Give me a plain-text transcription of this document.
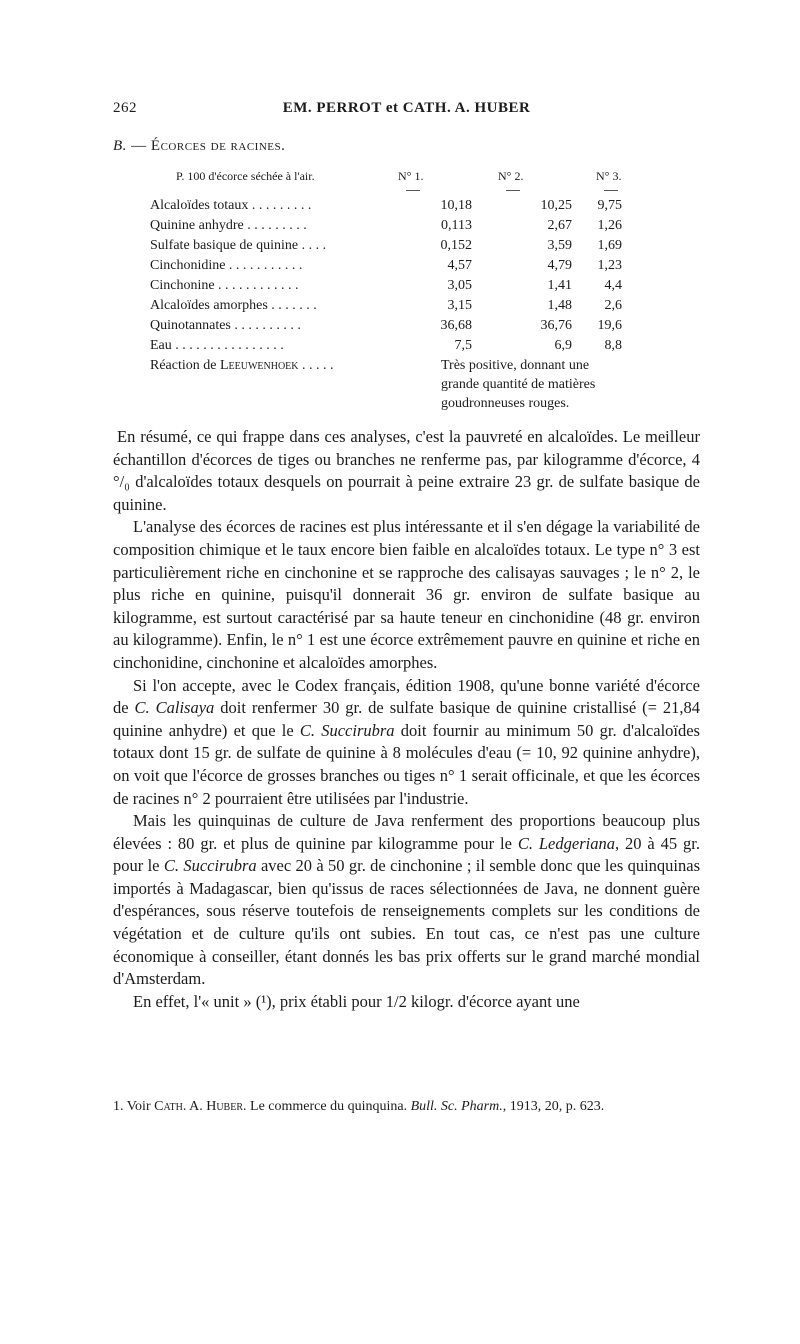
262	EM. PERROT et CATH. A. HUBER
B. — Écorces de racines.
P. 100 d'écorce séchée à l'air.	N° 1.	N° 2.	N° 3.
Alcaloïdes totaux . . . . . . . . .	10,18	10,25	9,75
Quinine anhydre . . . . . . . . .	0,113	2,67	1,26
Sulfate basique de quinine . . . .	0,152	3,59	1,69
Cinchonidine . . . . . . . . . . .	4,57	4,79	1,23
Cinchonine . . . . . . . . . . . .	3,05	1,41	4,4
Alcaloïdes amorphes . . . . . . .	3,15	1,48	2,6
Quinotannates . . . . . . . . . .	36,68	36,76	19,6
Eau . . . . . . . . . . . . . . . .	7,5	6,9	8,8
Réaction de Leeuwenhoek . . . . .	Très positive, donnant une
grande quantité de matières
goudronneuses rouges.

En résumé, ce qui frappe dans ces analyses, c'est la pauvreté en alcaloïdes. Le meilleur échantillon d'écorces de tiges ou branches ne renferme pas, par kilogramme d'écorce, 4 °/₀ d'alcaloïdes totaux desquels on pourrait à peine extraire 23 gr. de sulfate basique de quinine.

L'analyse des écorces de racines est plus intéressante et il s'en dégage la variabilité de composition chimique et le taux encore bien faible en alcaloïdes totaux. Le type n° 3 est particulièrement riche en cinchonine et se rapproche des calisayas sauvages ; le n° 2, le plus riche en quinine, puisqu'il donnerait 36 gr. environ de sulfate basique au kilogramme, est surtout caractérisé par sa haute teneur en cinchonidine (48 gr. environ au kilogramme). Enfin, le n° 1 est une écorce extrêmement pauvre en quinine et riche en cinchonidine, cinchonine et alcaloïdes amorphes.

Si l'on accepte, avec le Codex français, édition 1908, qu'une bonne variété d'écorce de C. Calisaya doit renfermer 30 gr. de sulfate basique de quinine cristallisé (= 21,84 quinine anhydre) et que le C. Succirubra doit fournir au minimum 50 gr. d'alcaloïdes totaux dont 15 gr. de sulfate de quinine à 8 molécules d'eau (= 10, 92 quinine anhydre), on voit que l'écorce de grosses branches ou tiges n° 1 serait officinale, et que les écorces de racines n° 2 pourraient être utilisées par l'industrie.

Mais les quinquinas de culture de Java renferment des proportions beaucoup plus élevées : 80 gr. et plus de quinine par kilogramme pour le C. Ledgeriana, 20 à 45 gr. pour le C. Succirubra avec 20 à 50 gr. de cinchonine ; il semble donc que les quinquinas importés à Madagascar, bien qu'issus de races sélectionnées de Java, ne donnent guère d'espérances, sous réserve toutefois de renseignements complets sur les conditions de végétation et de culture qu'ils ont subies. En tout cas, ce n'est pas une culture économique à conseiller, étant donnés les bas prix offerts sur le grand marché mondial d'Amsterdam.

En effet, l'« unit » (¹), prix établi pour 1/2 kilogr. d'écorce ayant une

1. Voir Cath. A. Huber. Le commerce du quinquina. Bull. Sc. Pharm., 1913, 20, p. 623.
